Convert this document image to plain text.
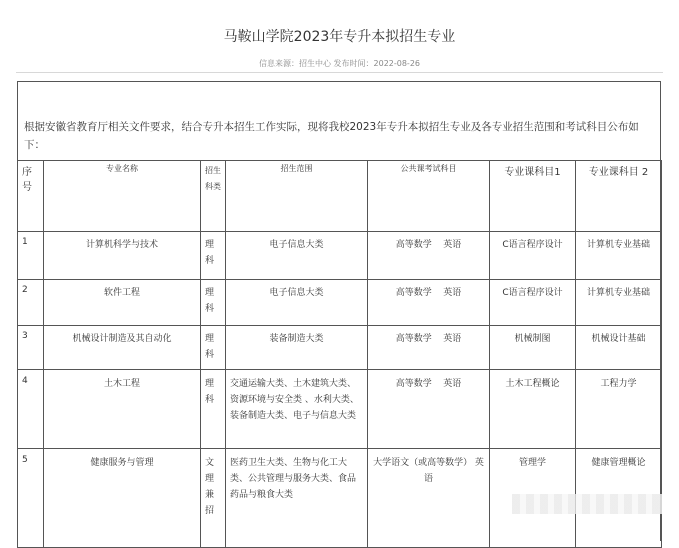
马鞍山学院2023年专升本拟招生专业
信息来源：招生中心 发布时间：2022-08-26
根据安徽省教育厅相关文件要求，结合专升本招生工作实际，现将我校2023年专升本拟招生专业及各专业招生范围和考试科目公布如下：
序号	专业名称	招生科类	招生范围	公共课考试科目	专业课科目1	专业课科目 2
1	计算机科学与技术	理科	电子信息大类	高等数学    英语	C语言程序设计	计算机专业基础
2	软件工程	理科	电子信息大类	高等数学    英语	C语言程序设计	计算机专业基础
3	机械设计制造及其自动化	理科	装备制造大类	高等数学    英语	机械制图	机械设计基础
4	土木工程	理科	交通运输大类、土木建筑大类、资源环境与安全类 、水利大类、装备制造大类、电子与信息大类	高等数学    英语	土木工程概论	工程力学
5	健康服务与管理	文理兼招	医药卫生大类、生物与化工大类、公共管理与服务大类、食品药品与粮食大类	大学语文（或高等数学） 英语	管理学	健康管理概论
